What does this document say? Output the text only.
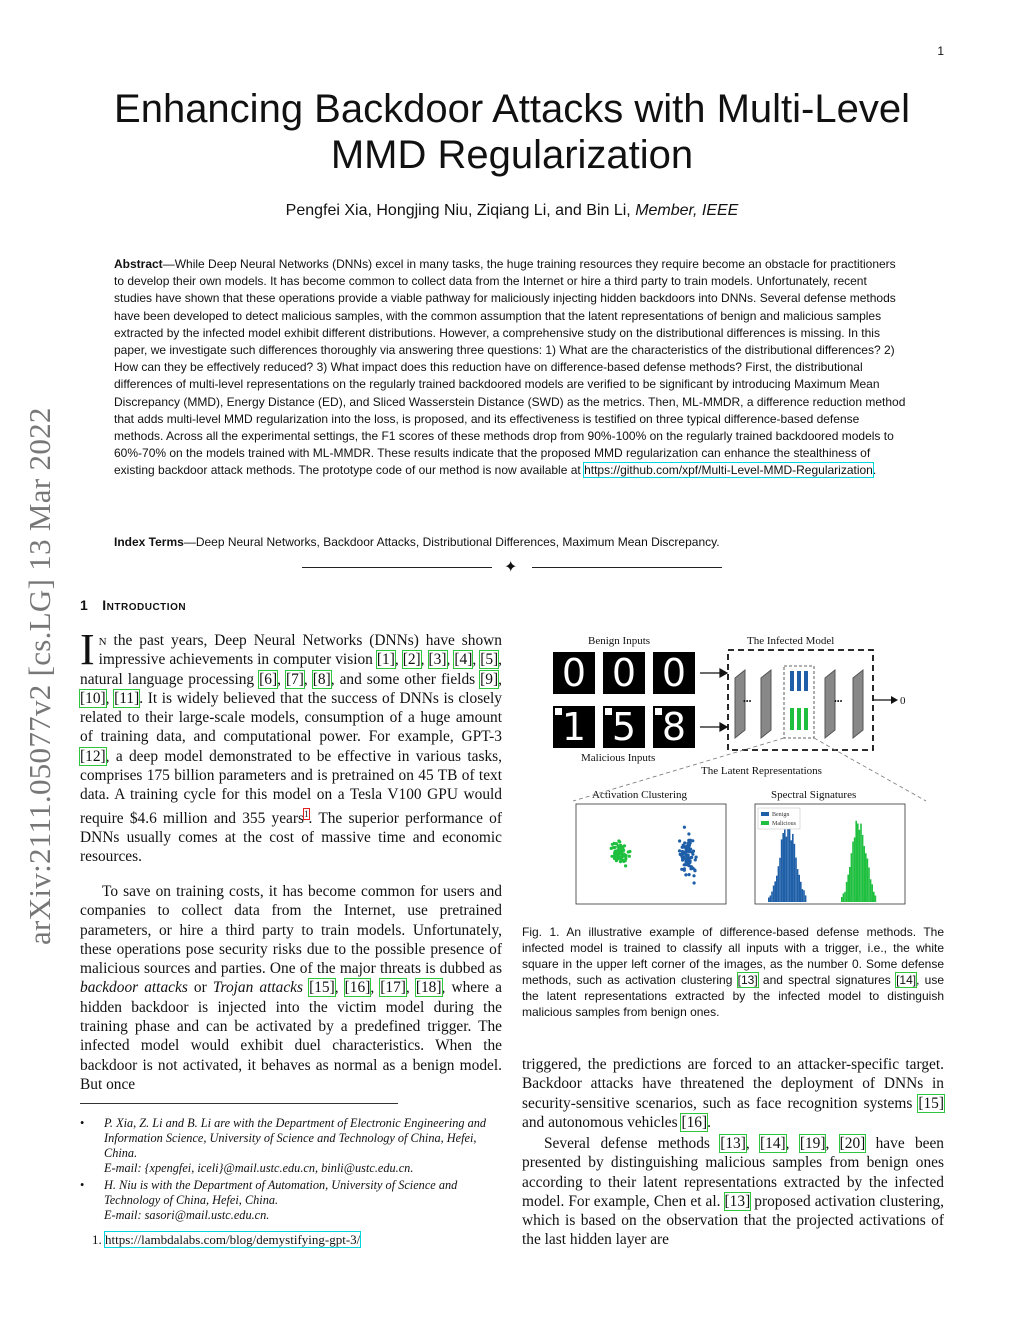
1
arXiv:2111.05077v2 [cs.LG] 13 Mar 2022
Enhancing Backdoor Attacks with Multi-Level
MMD Regularization
Pengfei Xia, Hongjing Niu, Ziqiang Li, and Bin Li, Member, IEEE

Abstract—While Deep Neural Networks (DNNs) excel in many tasks, the huge training resources they require become an obstacle for practitioners to develop their own models. It has become common to collect data from the Internet or hire a third party to train models. Unfortunately, recent studies have shown that these operations provide a viable pathway for maliciously injecting hidden backdoors into DNNs. Several defense methods have been developed to detect malicious samples, with the common assumption that the latent representations of benign and malicious samples extracted by the infected model exhibit different distributions. However, a comprehensive study on the distributional differences is missing. In this paper, we investigate such differences thoroughly via answering three questions: 1) What are the characteristics of the distributional differences? 2) How can they be effectively reduced? 3) What impact does this reduction have on difference-based defense methods? First, the distributional differences of multi-level representations on the regularly trained backdoored models are verified to be significant by introducing Maximum Mean Discrepancy (MMD), Energy Distance (ED), and Sliced Wasserstein Distance (SWD) as the metrics. Then, ML-MMDR, a difference reduction method that adds multi-level MMD regularization into the loss, is proposed, and its effectiveness is testified on three typical difference-based defense methods. Across all the experimental settings, the F1 scores of these methods drop from 90%-100% on the regularly trained backdoored models to 60%-70% on the models trained with ML-MMDR. These results indicate that the proposed MMD regularization can enhance the stealthiness of existing backdoor attack methods. The prototype code of our method is now available at https://github.com/xpf/Multi-Level-MMD-Regularization.

Index Terms—Deep Neural Networks, Backdoor Attacks, Distributional Differences, Maximum Mean Discrepancy.

✦
1 Introduction

In the past years, Deep Neural Networks (DNNs) have shown impressive achievements in computer vision [1], [2], [3], [4], [5], natural language processing [6], [7], [8], and some other fields [9], [10], [11]. It is widely believed that the success of DNNs is closely related to their large-scale models, consumption of a huge amount of training data, and computational power. For example, GPT-3 [12], a deep model demonstrated to be effective in various tasks, comprises 175 billion parameters and is pretrained on 45 TB of text data. A training cycle for this model on a Tesla V100 GPU would require $4.6 million and 355 years$^1$. The superior performance of DNNs usually comes at the cost of massive time and economic resources.

To save on training costs, it has become common for users and companies to collect data from the Internet, use pretrained parameters, or hire a third party to train models. Unfortunately, these operations pose security risks due to the possible presence of malicious sources and parties. One of the major threats is dubbed as backdoor attacks or Trojan attacks [15], [16], [17], [18], where a hidden backdoor is injected into the victim model during the training phase and can be activated by a predefined trigger. The infected model would exhibit duel characteristics. When the backdoor is not activated, it behaves as normal as a benign model. But once

• P. Xia, Z. Li and B. Li are with the Department of Electronic Engineering and Information Science, University of Science and Technology of China, Hefei, China.
E-mail: {xpengfei, iceli}@mail.ustc.edu.cn, binli@ustc.edu.cn.
• H. Niu is with the Department of Automation, University of Science and Technology of China, Hefei, China.
E-mail: sasori@mail.ustc.edu.cn.
1. https://lambdalabs.com/blog/demystifying-gpt-3/
Benign Inputs	The Infected Model
0 0 0
1 5 8
Malicious Inputs
•••	•••	0
The Latent Representations
Activation Clustering	Spectral Signatures
Benign
Malicious

Fig. 1. An illustrative example of difference-based defense methods. The infected model is trained to classify all inputs with a trigger, i.e., the white square in the upper left corner of the images, as the number 0. Some defense methods, such as activation clustering [13] and spectral signatures [14], use the latent representations extracted by the infected model to distinguish malicious samples from benign ones.

triggered, the predictions are forced to an attacker-specific target. Backdoor attacks have threatened the deployment of DNNs in security-sensitive scenarios, such as face recognition systems [15] and autonomous vehicles [16].

Several defense methods [13], [14], [19], [20] have been presented by distinguishing malicious samples from benign ones according to their latent representations extracted by the infected model. For example, Chen et al. [13] proposed activation clustering, which is based on the observation that the projected activations of the last hidden layer are
